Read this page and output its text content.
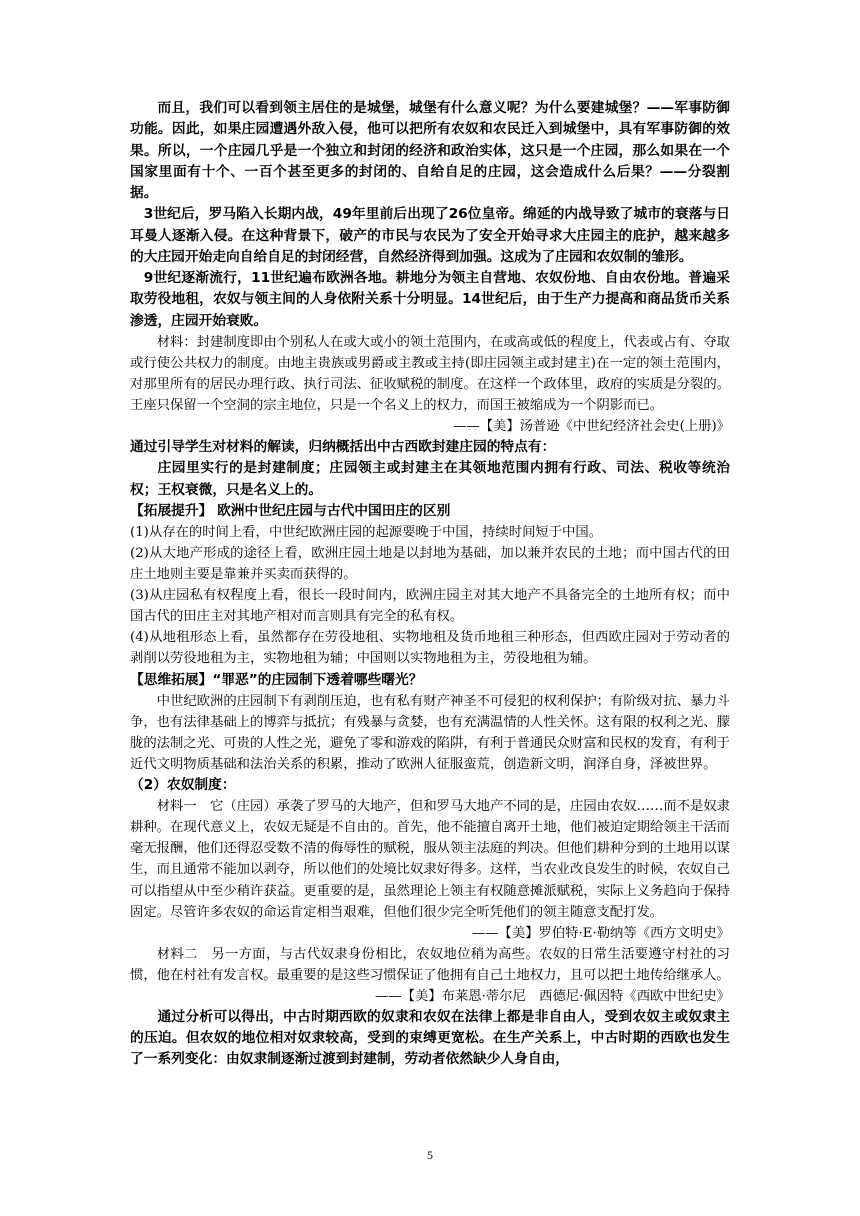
而且，我们可以看到领主居住的是城堡，城堡有什么意义呢？为什么要建城堡？——军事防御功能。因此，如果庄园遭遇外敌入侵，他可以把所有农奴和农民迁入到城堡中，具有军事防御的效果。所以，一个庄园几乎是一个独立和封闭的经济和政治实体，这只是一个庄园，那么如果在一个国家里面有十个、一百个甚至更多的封闭的、自给自足的庄园，这会造成什么后果？——分裂割据。

3世纪后，罗马陷入长期内战，49年里前后出现了26位皇帝。绵延的内战导致了城市的衰落与日耳曼人逐渐入侵。在这种背景下，破产的市民与农民为了安全开始寻求大庄园主的庇护，越来越多的大庄园开始走向自给自足的封闭经营，自然经济得到加强。这成为了庄园和农奴制的雏形。

9世纪逐渐流行，11世纪遍布欧洲各地。耕地分为领主自营地、农奴份地、自由农份地。普遍采取劳役地租，农奴与领主间的人身依附关系十分明显。14世纪后，由于生产力提高和商品货币关系渗透，庄园开始衰败。

材料：封建制度即由个别私人在或大或小的领土范围内，在或高或低的程度上，代表或占有、夺取或行使公共权力的制度。由地主贵族或男爵或主教或主持(即庄园领主或封建主)在一定的领土范围内，对那里所有的居民办理行政、执行司法、征收赋税的制度。在这样一个政体里，政府的实质是分裂的。王座只保留一个空洞的宗主地位，只是一个名义上的权力，而国王被缩成为一个阴影而已。

——【美】汤普逊《中世纪经济社会史(上册)》

通过引导学生对材料的解读，归纳概括出中古西欧封建庄园的特点有：

庄园里实行的是封建制度；庄园领主或封建主在其领地范围内拥有行政、司法、税收等统治权；王权衰微，只是名义上的。

【拓展提升】 欧洲中世纪庄园与古代中国田庄的区别

(1)从存在的时间上看，中世纪欧洲庄园的起源要晚于中国，持续时间短于中国。

(2)从大地产形成的途径上看，欧洲庄园土地是以封地为基础，加以兼并农民的土地；而中国古代的田庄土地则主要是靠兼并买卖而获得的。

(3)从庄园私有权程度上看，很长一段时间内，欧洲庄园主对其大地产不具备完全的土地所有权；而中国古代的田庄主对其地产相对而言则具有完全的私有权。

(4)从地租形态上看，虽然都存在劳役地租、实物地租及货币地租三种形态，但西欧庄园对于劳动者的剥削以劳役地租为主，实物地租为辅；中国则以实物地租为主，劳役地租为辅。

【思维拓展】“罪恶”的庄园制下透着哪些曙光？

中世纪欧洲的庄园制下有剥削压迫，也有私有财产神圣不可侵犯的权利保护；有阶级对抗、暴力斗争，也有法律基础上的博弈与抵抗；有残暴与贪婪，也有充满温情的人性关怀。这有限的权利之光、朦胧的法制之光、可贵的人性之光，避免了零和游戏的陷阱，有利于普通民众财富和民权的发育，有利于近代文明物质基础和法治关系的积累，推动了欧洲人征服蛮荒，创造新文明，润泽自身，泽被世界。

（2）农奴制度：

材料一　它（庄园）承袭了罗马的大地产，但和罗马大地产不同的是，庄园由农奴……而不是奴隶耕种。在现代意义上，农奴无疑是不自由的。首先，他不能擅自离开土地，他们被迫定期给领主干活而毫无报酬，他们还得忍受数不清的侮辱性的赋税，服从领主法庭的判决。但他们耕种分到的土地用以谋生，而且通常不能加以剥夺，所以他们的处境比奴隶好得多。这样，当农业改良发生的时候，农奴自己可以指望从中至少稍许获益。更重要的是，虽然理论上领主有权随意摊派赋税，实际上义务趋向于保持固定。尽管许多农奴的命运肯定相当艰难，但他们很少完全听凭他们的领主随意支配打发。

——【美】罗伯特·E·勒纳等《西方文明史》

材料二　另一方面，与古代奴隶身份相比，农奴地位稍为高些。农奴的日常生活要遵守村社的习惯，他在村社有发言权。最重要的是这些习惯保证了他拥有自己土地权力，且可以把土地传给继承人。

——【美】布莱恩·蒂尔尼　西德尼·佩因特《西欧中世纪史》

通过分析可以得出，中古时期西欧的奴隶和农奴在法律上都是非自由人，受到农奴主或奴隶主的压迫。但农奴的地位相对奴隶较高，受到的束缚更宽松。在生产关系上，中古时期的西欧也发生了一系列变化：由奴隶制逐渐过渡到封建制，劳动者依然缺少人身自由，

5
